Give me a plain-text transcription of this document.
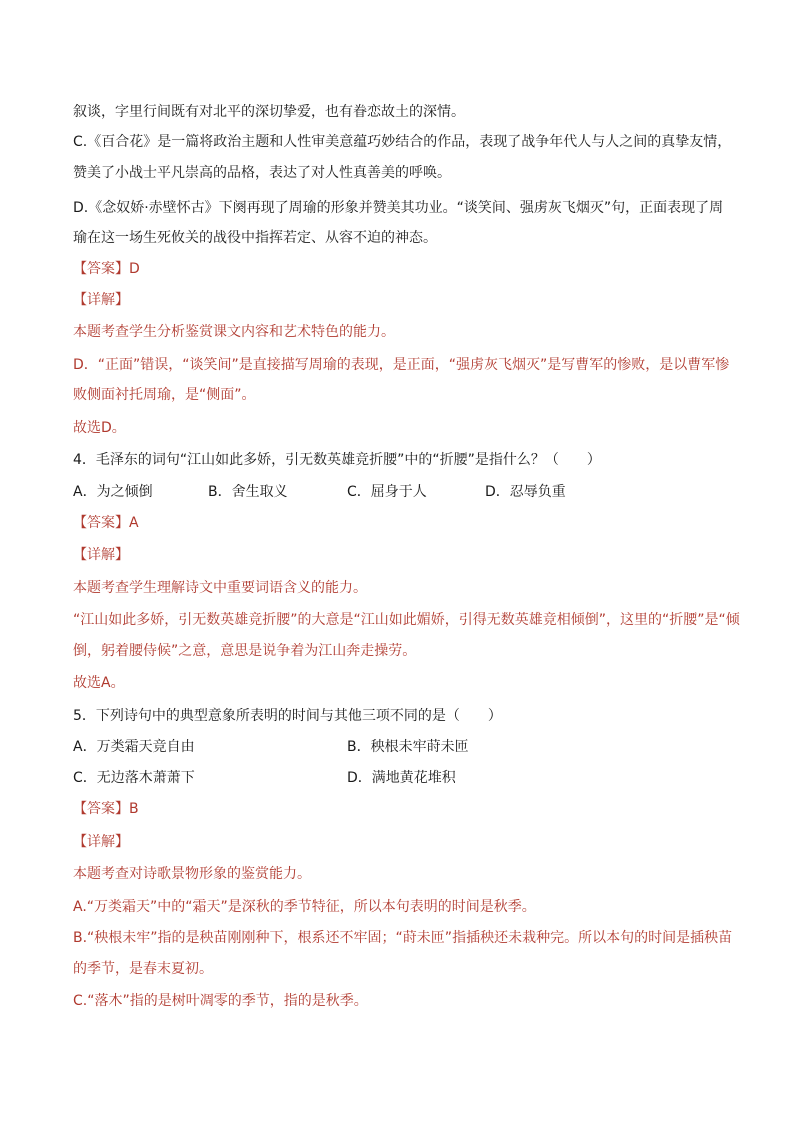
叙谈，字里行间既有对北平的深切挚爱，也有眷恋故土的深情。
C.《百合花》是一篇将政治主题和人性审美意蕴巧妙结合的作品，表现了战争年代人与人之间的真挚友情，
赞美了小战士平凡崇高的品格，表达了对人性真善美的呼唤。
D.《念奴娇·赤壁怀古》下阕再现了周瑜的形象并赞美其功业。“谈笑间、强虏灰飞烟灭”句，正面表现了周
瑜在这一场生死攸关的战役中指挥若定、从容不迫的神态。
【答案】D
【详解】
本题考查学生分析鉴赏课文内容和艺术特色的能力。
D．“正面”错误，“谈笑间”是直接描写周瑜的表现，是正面，“强虏灰飞烟灭”是写曹军的惨败，是以曹军惨
败侧面衬托周瑜，是“侧面”。
故选D。
4．毛泽东的词句“江山如此多娇，引无数英雄竞折腰”中的“折腰”是指什么？（　　）
A．为之倾倒	B．舍生取义	C．屈身于人	D．忍辱负重
【答案】A
【详解】
本题考查学生理解诗文中重要词语含义的能力。
“江山如此多娇，引无数英雄竞折腰”的大意是“江山如此媚娇，引得无数英雄竞相倾倒”，这里的“折腰”是“倾
倒，躬着腰侍候”之意，意思是说争着为江山奔走操劳。
故选A。
5．下列诗句中的典型意象所表明的时间与其他三项不同的是（　　）
A．万类霜天竞自由	B．秧根未牢莳未匝
C．无边落木萧萧下	D．满地黄花堆积
【答案】B
【详解】
本题考查对诗歌景物形象的鉴赏能力。
A.“万类霜天”中的“霜天”是深秋的季节特征，所以本句表明的时间是秋季。
B.“秧根未牢”指的是秧苗刚刚种下，根系还不牢固；“莳未匝”指插秧还未栽种完。所以本句的时间是插秧苗
的季节，是春末夏初。
C.“落木”指的是树叶凋零的季节，指的是秋季。
